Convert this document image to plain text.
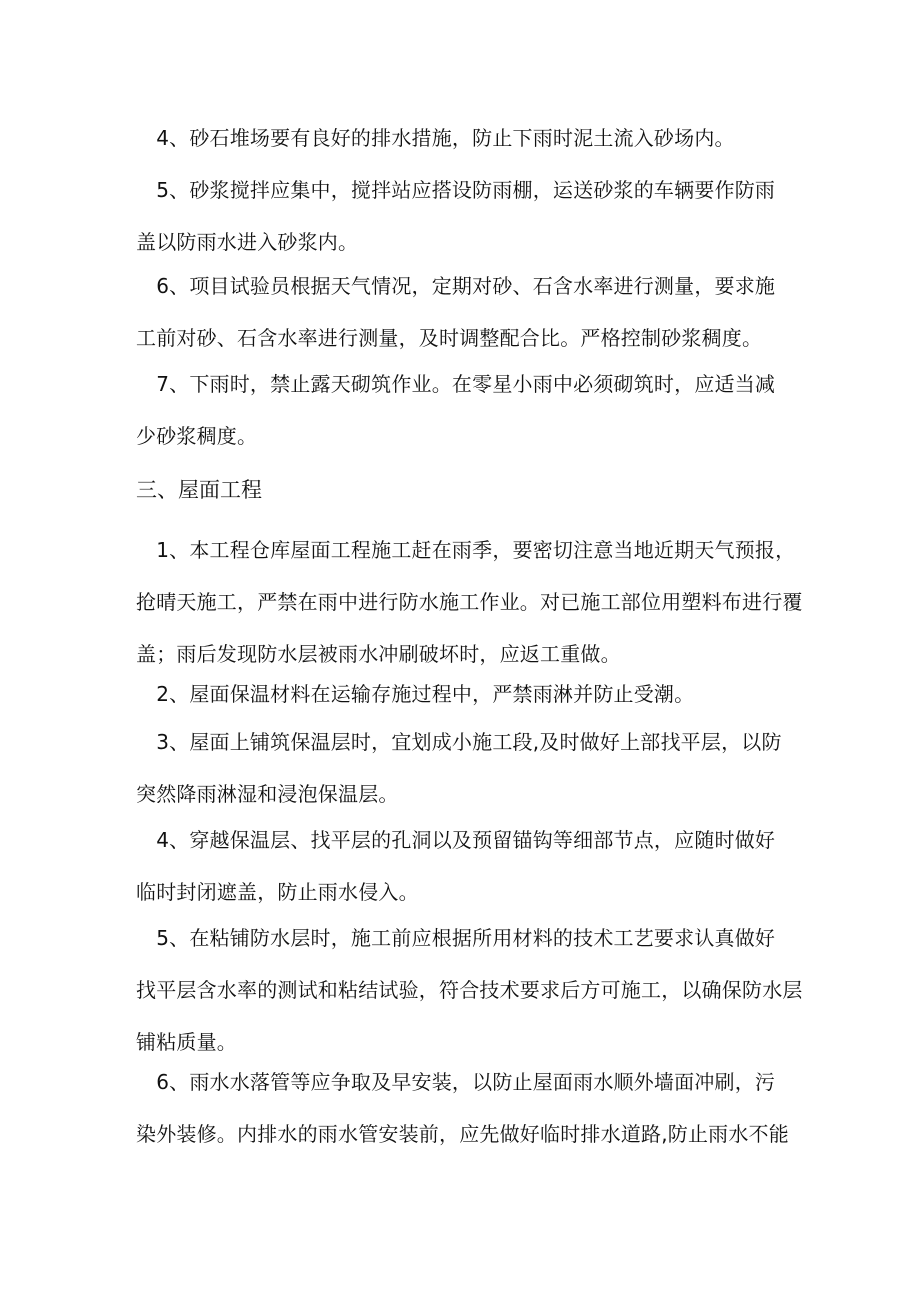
　4、砂石堆场要有良好的排水措施，防止下雨时泥土流入砂场内。

　5、砂浆搅拌应集中，搅拌站应搭设防雨棚，运送砂浆的车辆要作防雨
盖以防雨水进入砂浆内。

　6、项目试验员根据天气情况，定期对砂、石含水率进行测量，要求施
工前对砂、石含水率进行测量，及时调整配合比。严格控制砂浆稠度。

　7、下雨时，禁止露天砌筑作业。在零星小雨中必须砌筑时，应适当减
少砂浆稠度。

三、屋面工程

　1、本工程仓库屋面工程施工赶在雨季，要密切注意当地近期天气预报，
抢晴天施工，严禁在雨中进行防水施工作业。对已施工部位用塑料布进行覆
盖；雨后发现防水层被雨水冲刷破坏时，应返工重做。

　2、屋面保温材料在运输存施过程中，严禁雨淋并防止受潮。

　3、屋面上铺筑保温层时，宜划成小施工段,及时做好上部找平层，以防
突然降雨淋湿和浸泡保温层。

　4、穿越保温层、找平层的孔洞以及预留锚钩等细部节点，应随时做好
临时封闭遮盖，防止雨水侵入。

　5、在粘铺防水层时，施工前应根据所用材料的技术工艺要求认真做好
找平层含水率的测试和粘结试验，符合技术要求后方可施工，以确保防水层
铺粘质量。

　6、雨水水落管等应争取及早安装，以防止屋面雨水顺外墙面冲刷，污
染外装修。内排水的雨水管安装前，应先做好临时排水道路,防止雨水不能
